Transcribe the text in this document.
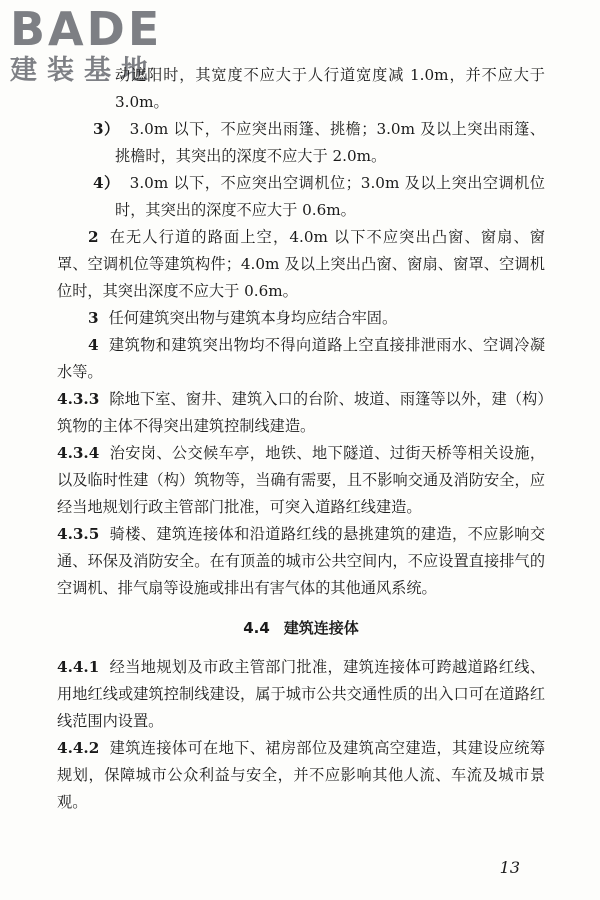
BADE
建装基地

动遮阳时，其宽度不应大于人行道宽度减 1.0m，并不应大于 3.0m。

3） 3.0m 以下，不应突出雨篷、挑檐；3.0m 及以上突出雨篷、挑檐时，其突出的深度不应大于 2.0m。

4） 3.0m 以下，不应突出空调机位；3.0m 及以上突出空调机位时，其突出的深度不应大于 0.6m。

2 在无人行道的路面上空，4.0m 以下不应突出凸窗、窗扇、窗罩、空调机位等建筑构件；4.0m 及以上突出凸窗、窗扇、窗罩、空调机位时，其突出深度不应大于 0.6m。

3 任何建筑突出物与建筑本身均应结合牢固。

4 建筑物和建筑突出物均不得向道路上空直接排泄雨水、空调冷凝水等。

4.3.3 除地下室、窗井、建筑入口的台阶、坡道、雨篷等以外，建（构）筑物的主体不得突出建筑控制线建造。

4.3.4 治安岗、公交候车亭，地铁、地下隧道、过街天桥等相关设施，以及临时性建（构）筑物等，当确有需要，且不影响交通及消防安全，应经当地规划行政主管部门批准，可突入道路红线建造。

4.3.5 骑楼、建筑连接体和沿道路红线的悬挑建筑的建造，不应影响交通、环保及消防安全。在有顶盖的城市公共空间内，不应设置直接排气的空调机、排气扇等设施或排出有害气体的其他通风系统。

4.4 建筑连接体

4.4.1 经当地规划及市政主管部门批准，建筑连接体可跨越道路红线、用地红线或建筑控制线建设，属于城市公共交通性质的出入口可在道路红线范围内设置。

4.4.2 建筑连接体可在地下、裙房部位及建筑高空建造，其建设应统筹规划，保障城市公众利益与安全，并不应影响其他人流、车流及城市景观。

13
